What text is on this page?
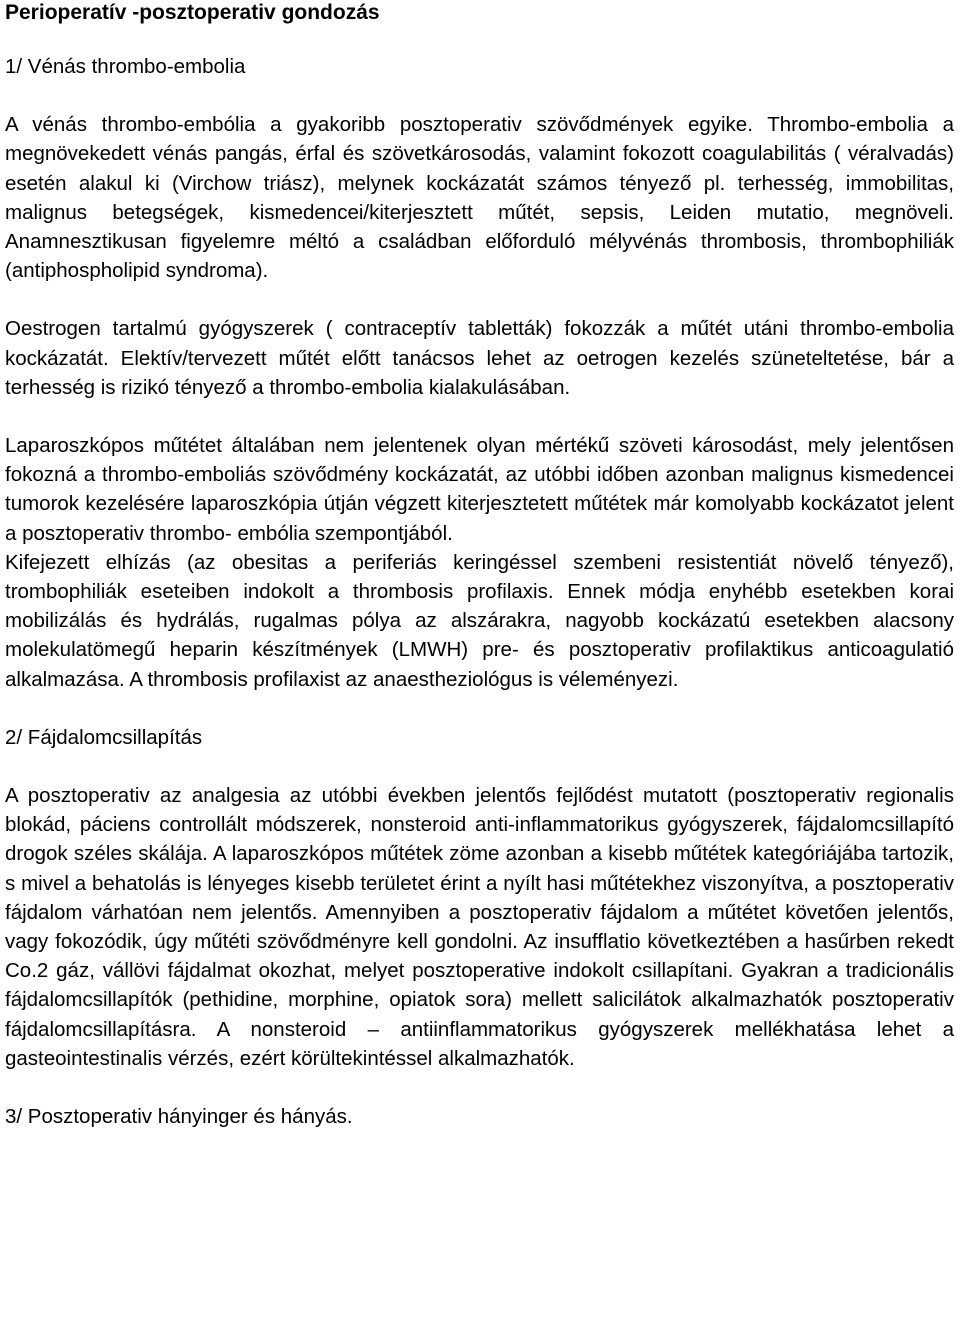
Perioperatív -posztoperativ gondozás
1/ Vénás thrombo-embolia

A vénás thrombo-embólia a gyakoribb posztoperativ szövődmények egyike. Thrombo-embolia a megnövekedett vénás pangás, érfal és szövetkárosodás, valamint fokozott coagulabilitás ( véralvadás) esetén alakul ki (Virchow triász), melynek kockázatát számos tényező pl. terhesség, immobilitas, malignus betegségek, kismedencei/kiterjesztett műtét, sepsis, Leiden mutatio, megnöveli. Anamnesztikusan figyelemre méltó a családban előforduló mélyvénás thrombosis, thrombophiliák (antiphospholipid syndroma).

Oestrogen tartalmú gyógyszerek ( contraceptív tabletták) fokozzák a műtét utáni thrombo-embolia kockázatát. Elektív/tervezett műtét előtt tanácsos lehet az oetrogen kezelés szüneteltetése, bár a terhesség is rizikó tényező a thrombo-embolia kialakulásában.

Laparoszkópos műtétet általában nem jelentenek olyan mértékű szöveti károsodást, mely jelentősen fokozná a thrombo-emboliás szövődmény kockázatát, az utóbbi időben azonban malignus kismedencei tumorok kezelésére laparoszkópia útján végzett kiterjesztetett műtétek már komolyabb kockázatot jelent a posztoperativ thrombo- embólia szempontjából.

Kifejezett elhízás (az obesitas a periferiás keringéssel szembeni resistentiát növelő tényező), trombophiliák eseteiben indokolt a thrombosis profilaxis. Ennek módja enyhébb esetekben korai mobilizálás és hydrálás, rugalmas pólya az alszárakra, nagyobb kockázatú esetekben alacsony molekulatömegű heparin készítmények (LMWH) pre- és posztoperativ profilaktikus anticoagulatió alkalmazása. A thrombosis profilaxist az anaestheziológus is véleményezi.

2/ Fájdalomcsillapítás

A posztoperativ az analgesia az utóbbi években jelentős fejlődést mutatott (posztoperativ regionalis blokád, páciens controllált módszerek, nonsteroid anti-inflammatorikus gyógyszerek, fájdalomcsillapító drogok széles skálája. A laparoszkópos műtétek zöme azonban a kisebb műtétek kategóriájába tartozik, s mivel a behatolás is lényeges kisebb területet érint a nyílt hasi műtétekhez viszonyítva, a posztoperativ fájdalom várhatóan nem jelentős. Amennyiben a posztoperativ fájdalom a műtétet követően jelentős, vagy fokozódik, úgy műtéti szövődményre kell gondolni. Az insufflatio következtében a hasűrben rekedt Co.2 gáz, vállövi fájdalmat okozhat, melyet posztoperative indokolt csillapítani. Gyakran a tradicionális fájdalomcsillapítók (pethidine, morphine, opiatok sora) mellett salicilátok alkalmazhatók posztoperativ fájdalomcsillapításra. A nonsteroid – antiinflammatorikus gyógyszerek mellékhatása lehet a gasteointestinalis vérzés, ezért körültekintéssel alkalmazhatók.

3/ Posztoperativ hányinger és hányás.
